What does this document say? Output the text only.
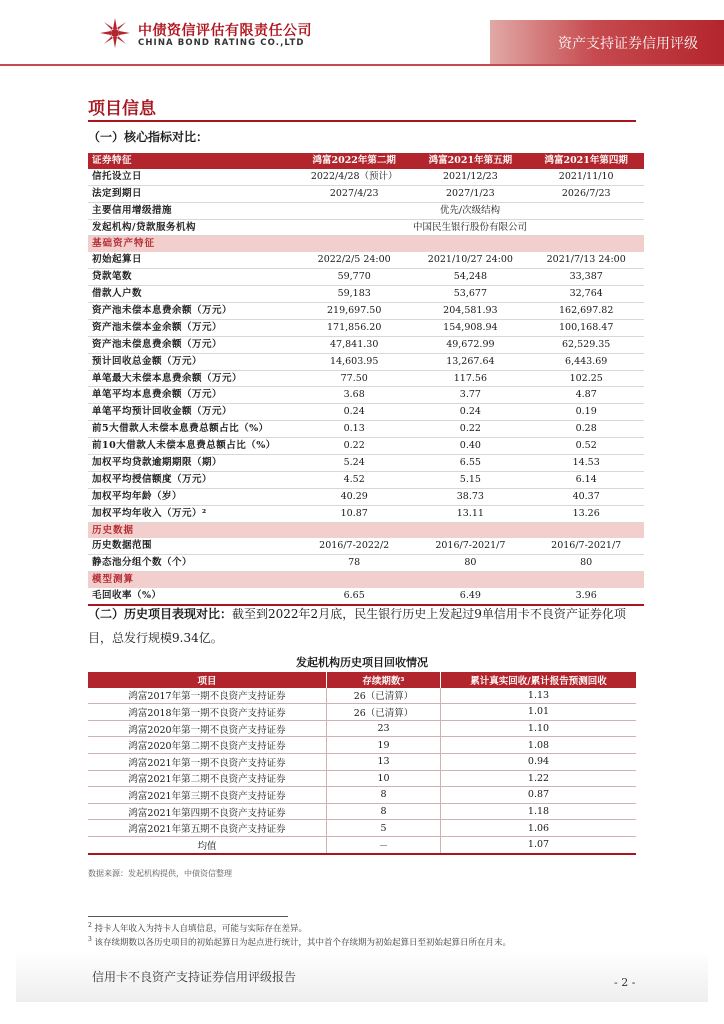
中债资信评估有限责任公司
CHINA BOND RATING CO.,LTD	资产支持证券信用评级
项目信息
（一）核心指标对比：
证券特征	鸿富2022年第二期	鸿富2021年第五期	鸿富2021年第四期
信托设立日	2022/4/28（预计）	2021/12/23	2021/11/10
法定到期日	2027/4/23	2027/1/23	2026/7/23
主要信用增级措施	优先/次级结构		
发起机构/贷款服务机构	中国民生银行股份有限公司		
基础资产特征			
初始起算日	2022/2/5 24:00	2021/10/27 24:00	2021/7/13 24:00
贷款笔数	59,770	54,248	33,387
借款人户数	59,183	53,677	32,764
资产池未偿本息费余额（万元）	219,697.50	204,581.93	162,697.82
资产池未偿本金余额（万元）	171,856.20	154,908.94	100,168.47
资产池未偿息费余额（万元）	47,841.30	49,672.99	62,529.35
预计回收总金额（万元）	14,603.95	13,267.64	6,443.69
单笔最大未偿本息费余额（万元）	77.50	117.56	102.25
单笔平均本息费余额（万元）	3.68	3.77	4.87
单笔平均预计回收金额（万元）	0.24	0.24	0.19
前5大借款人未偿本息费总额占比（%）	0.13	0.22	0.28
前10大借款人未偿本息费总额占比（%）	0.22	0.40	0.52
加权平均贷款逾期期限（期）	5.24	6.55	14.53
加权平均授信额度（万元）	4.52	5.15	6.14
加权平均年龄（岁）	40.29	38.73	40.37
加权平均年收入（万元）²	10.87	13.11	13.26
历史数据			
历史数据范围	2016/7-2022/2	2016/7-2021/7	2016/7-2021/7
静态池分组个数（个）	78	80	80
模型测算			
毛回收率（%）	6.65	6.49	3.96
（二）历史项目表现对比：截至到2022年2月底，民生银行历史上发起过9单信用卡不良资产证券化项目，总发行规模9.34亿。
发起机构历史项目回收情况
项目	存续期数³	累计真实回收/累计报告预测回收
鸿富2017年第一期不良资产支持证券	26（已清算）	1.13
鸿富2018年第一期不良资产支持证券	26（已清算）	1.01
鸿富2020年第一期不良资产支持证券	23	1.10
鸿富2020年第二期不良资产支持证券	19	1.08
鸿富2021年第一期不良资产支持证券	13	0.94
鸿富2021年第二期不良资产支持证券	10	1.22
鸿富2021年第三期不良资产支持证券	8	0.87
鸿富2021年第四期不良资产支持证券	8	1.18
鸿富2021年第五期不良资产支持证券	5	1.06
均值	－	1.07
数据来源：发起机构提供，中债资信整理
$^2$ 持卡人年收入为持卡人自填信息，可能与实际存在差异。
$^3$ 该存续期数以各历史项目的初始起算日为起点进行统计，其中首个存续期为初始起算日至初始起算日所在月末。
信用卡不良资产支持证券信用评级报告	- 2 -
